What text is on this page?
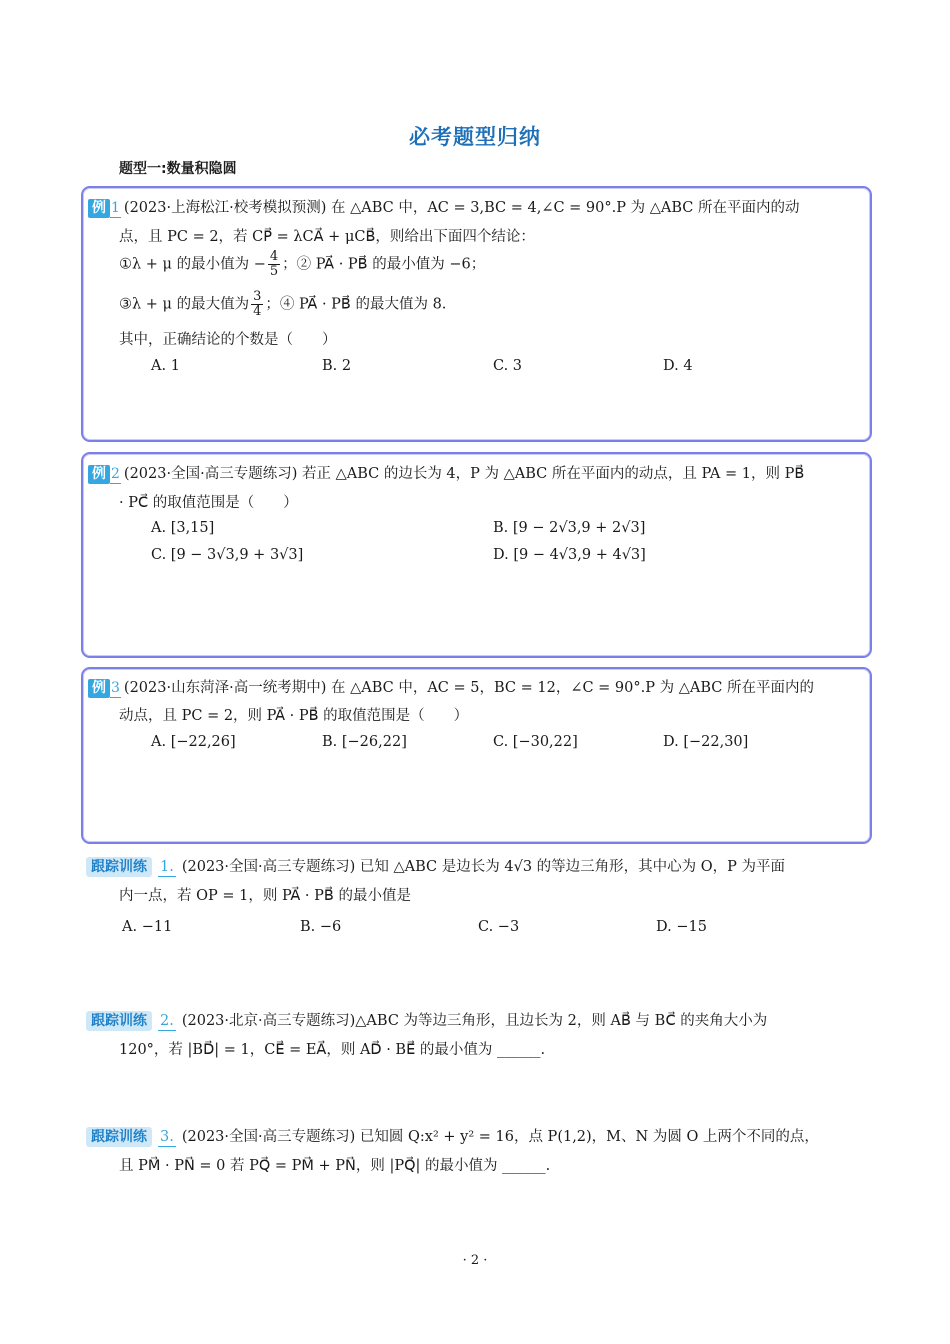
必考题型归纳
题型一:数量积隐圆
例 1 (2023·上海松江·校考模拟预测) 在 △ABC 中，AC = 3,BC = 4,∠C = 90°.P 为 △ABC 所在平面内的动
点，且 PC = 2，若 CP⃗ = λCA⃗ + μCB⃗，则给出下面四个结论：
①λ + μ 的最小值为 − $\frac{4}{5}$ ；② PA⃗ · PB⃗ 的最小值为 −6；
③λ + μ 的最大值为 $\frac{3}{4}$ ；④ PA⃗ · PB⃗ 的最大值为 8.
其中，正确结论的个数是（　　）
A. 1	B. 2	C. 3	D. 4
例 2 (2023·全国·高三专题练习) 若正 △ABC 的边长为 4，P 为 △ABC 所在平面内的动点，且 PA = 1，则 PB⃗
· PC⃗ 的取值范围是（　　）
A. [3,15]	B. [9 − 2√3,9 + 2√3]
C. [9 − 3√3,9 + 3√3]	D. [9 − 4√3,9 + 4√3]
例 3 (2023·山东菏泽·高一统考期中) 在 △ABC 中，AC = 5，BC = 12，∠C = 90°.P 为 △ABC 所在平面内的
动点，且 PC = 2，则 PA⃗ · PB⃗ 的取值范围是（　　）
A. [−22,26]	B. [−26,22]	C. [−30,22]	D. [−22,30]
跟踪训练 1. (2023·全国·高三专题练习) 已知 △ABC 是边长为 4√3 的等边三角形，其中心为 O，P 为平面
内一点，若 OP = 1，则 PA⃗ · PB⃗ 的最小值是
A. −11	B. −6	C. −3	D. −15
跟踪训练 2. (2023·北京·高三专题练习)△ABC 为等边三角形，且边长为 2，则 AB⃗ 与 BC⃗ 的夹角大小为
120°，若 |BD⃗| = 1，CE⃗ = EA⃗，则 AD⃗ · BE⃗ 的最小值为 ______.
跟踪训练 3. (2023·全国·高三专题练习) 已知圆 Q:x² + y² = 16，点 P(1,2)，M、N 为圆 O 上两个不同的点，
且 PM⃗ · PN⃗ = 0 若 PQ⃗ = PM⃗ + PN⃗，则 |PQ⃗| 的最小值为 ______.
· 2 ·
